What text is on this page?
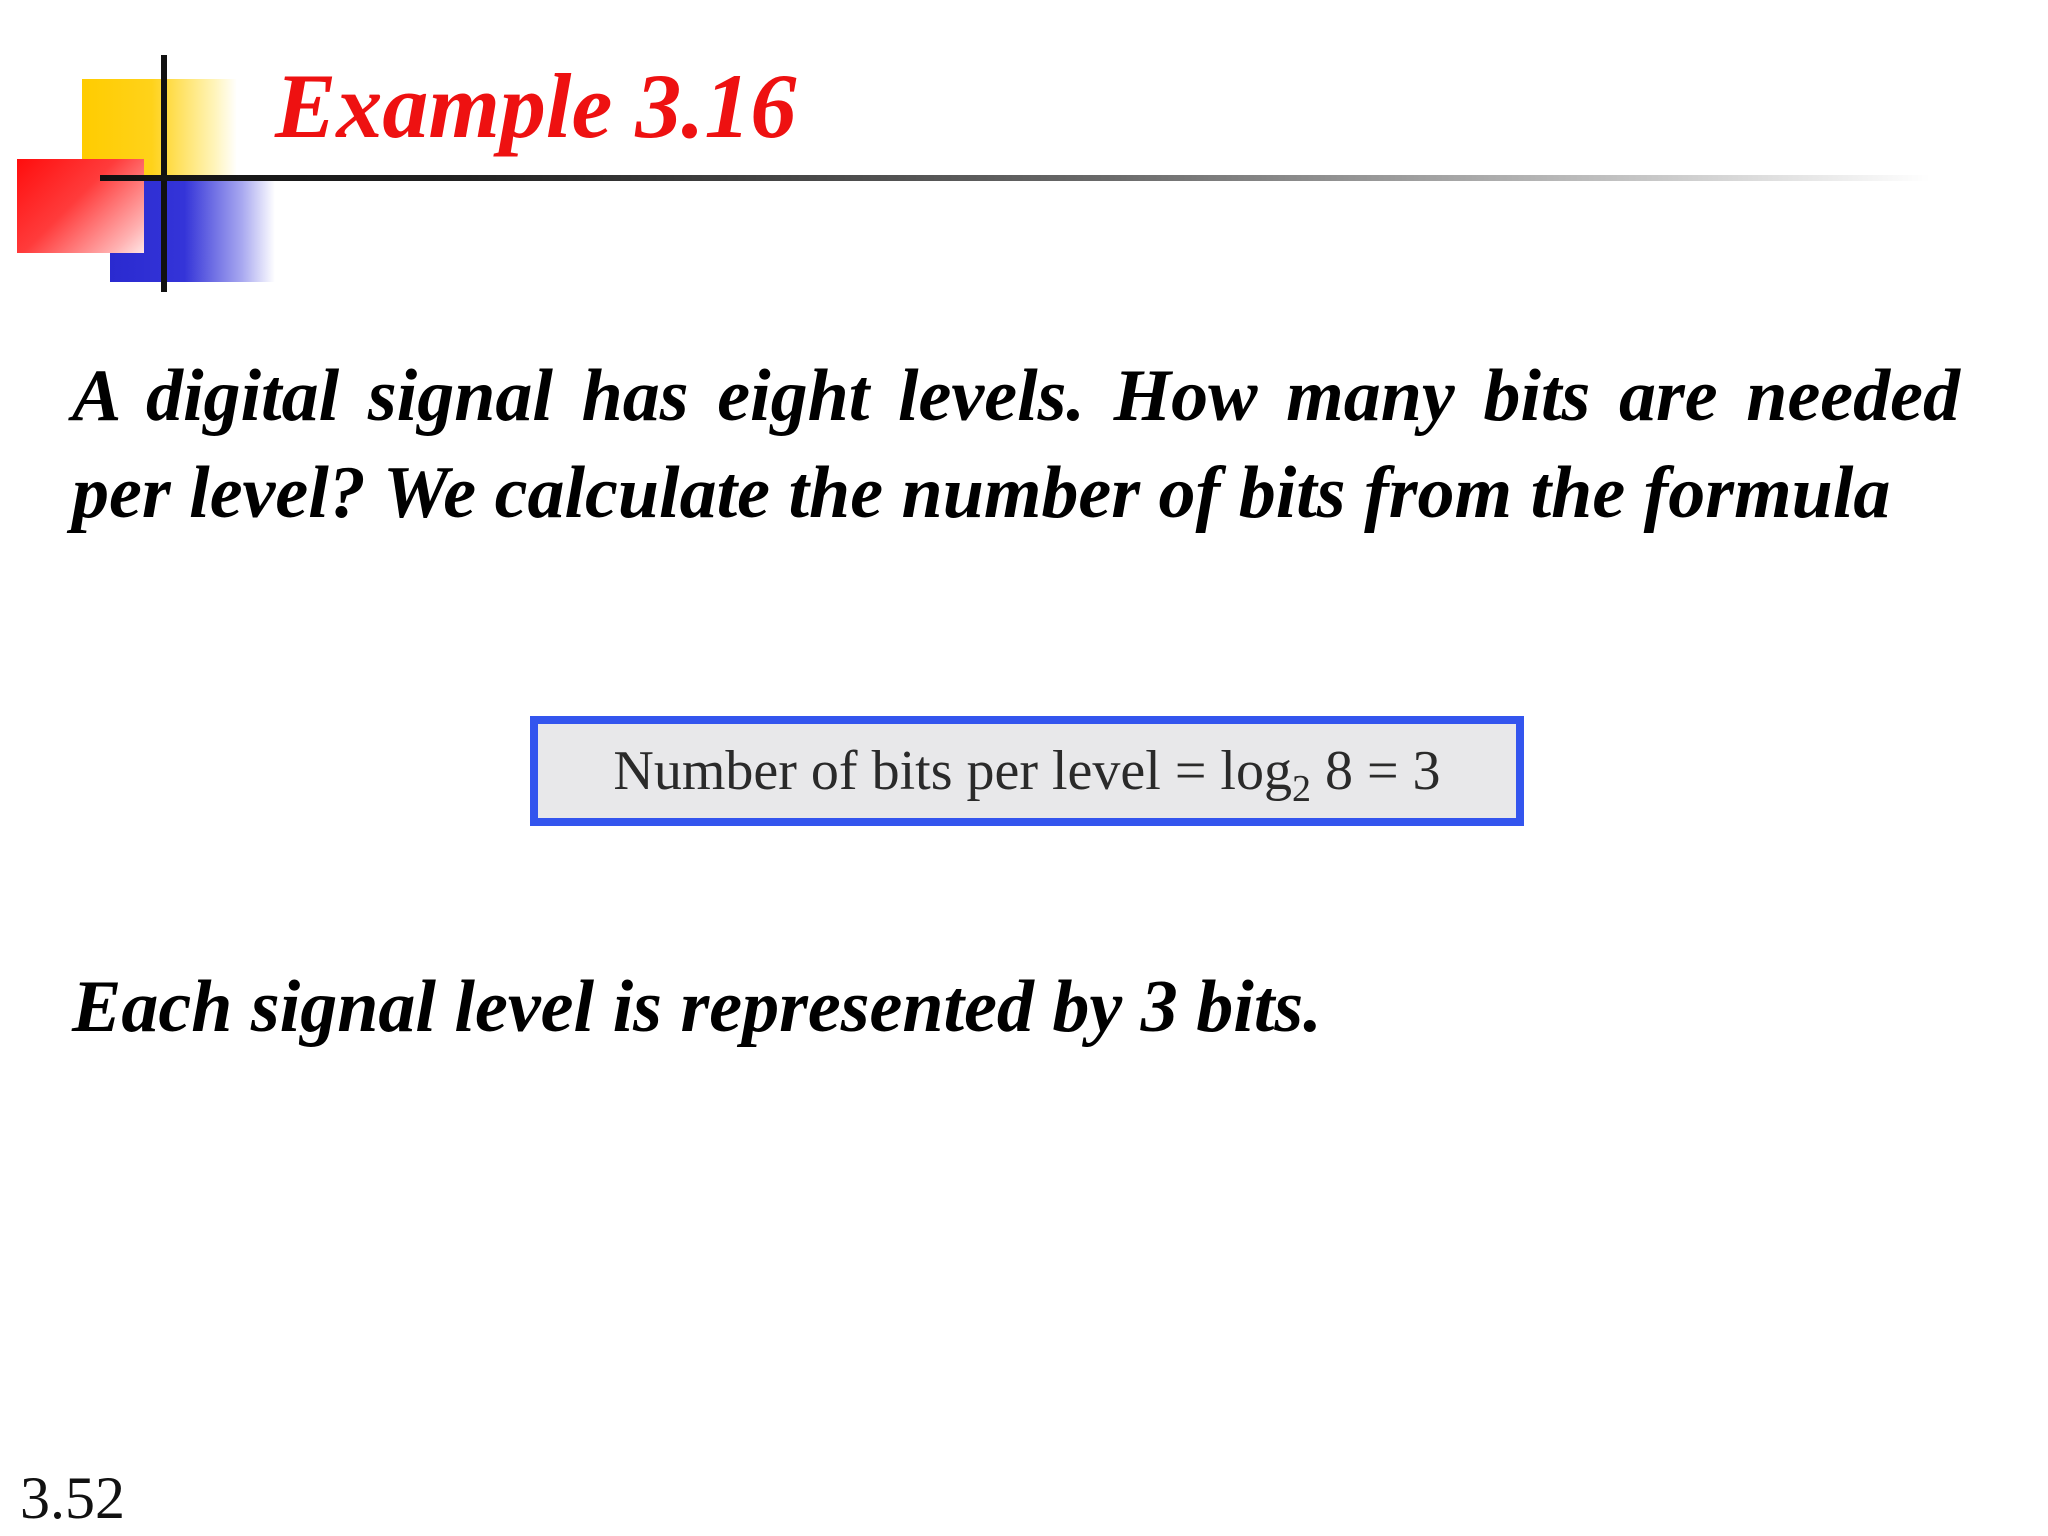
Example 3.16

A digital signal has eight levels. How many bits are needed per level? We calculate the number of bits from the formula

Number of bits per level = $\log_2 8 = 3$

Each signal level is represented by 3 bits.

3.52
